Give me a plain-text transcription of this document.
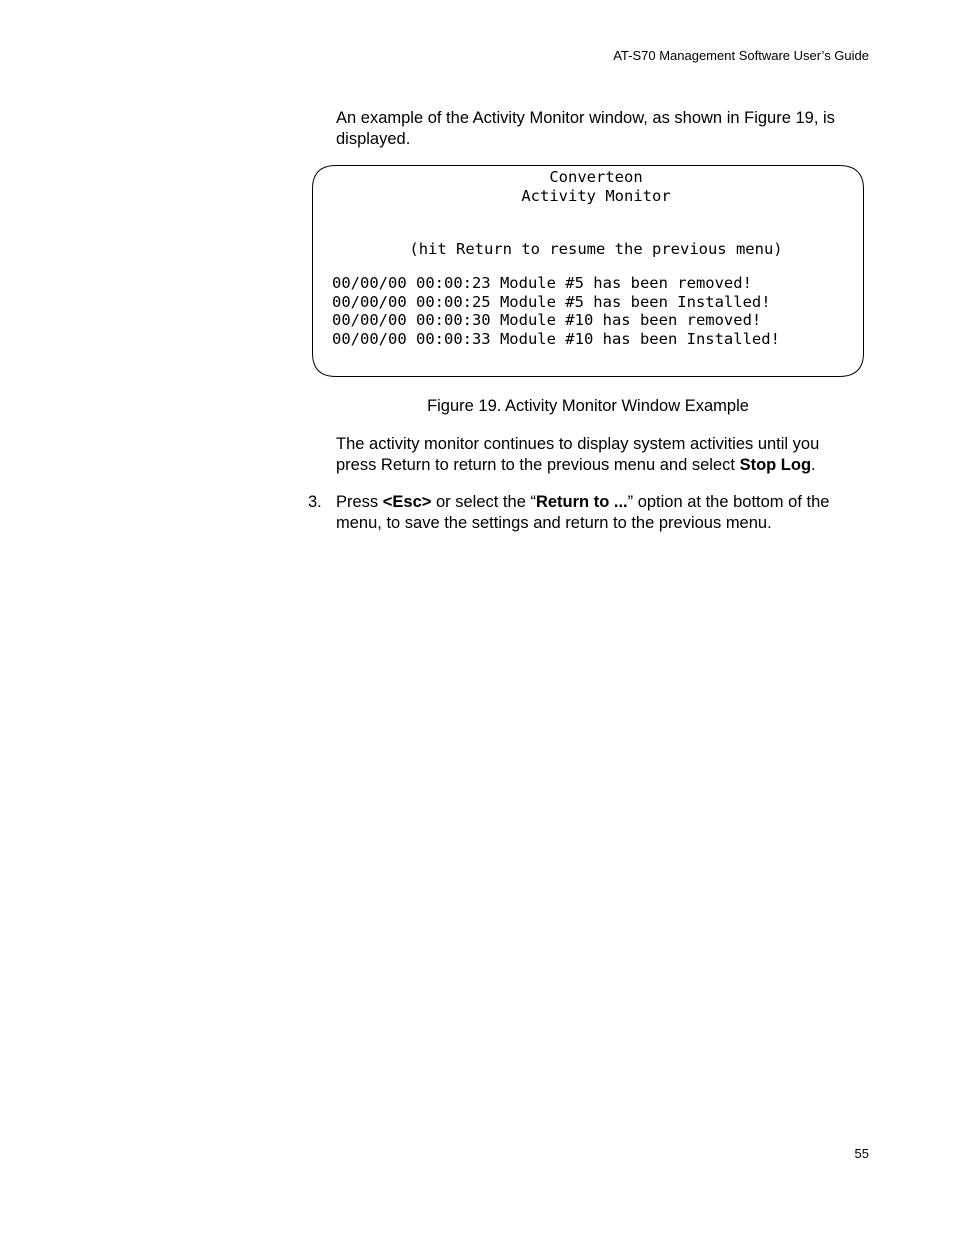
AT-S70 Management Software User’s Guide
An example of the Activity Monitor window, as shown in Figure 19, is displayed.
Converteon
Activity Monitor
(hit Return to resume the previous menu)
00/00/00 00:00:23 Module #5 has been removed!
00/00/00 00:00:25 Module #5 has been Installed!
00/00/00 00:00:30 Module #10 has been removed!
00/00/00 00:00:33 Module #10 has been Installed!
Figure 19. Activity Monitor Window Example
The activity monitor continues to display system activities until you press Return to return to the previous menu and select Stop Log.
3. Press <Esc> or select the “Return to ...” option at the bottom of the menu, to save the settings and return to the previous menu.
55
